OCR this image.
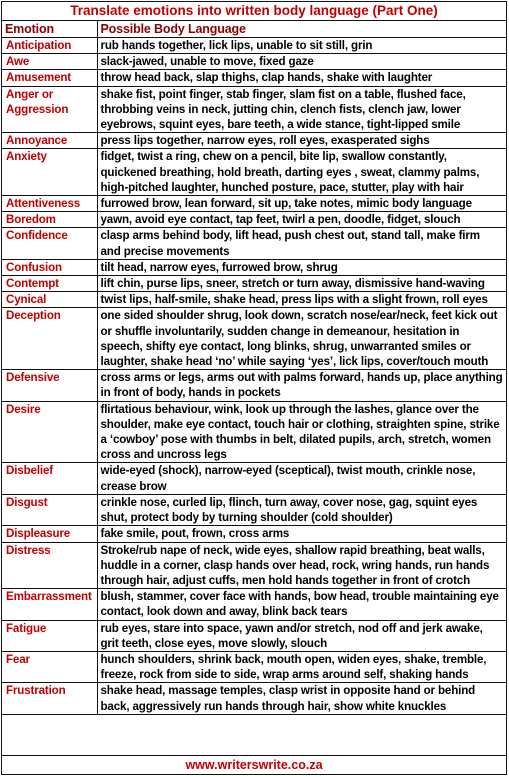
Translate emotions into written body language (Part One)
Emotion	Possible Body Language
Anticipation	rub hands together, lick lips, unable to sit still, grin
Awe	slack-jawed, unable to move, fixed gaze
Amusement	throw head back, slap thighs, clap hands, shake with laughter
Anger or Aggression	shake fist, point finger, stab finger, slam fist on a table, flushed face, throbbing veins in neck, jutting chin, clench fists, clench jaw, lower eyebrows, squint eyes, bare teeth, a wide stance, tight-lipped smile
Annoyance	press lips together, narrow eyes, roll eyes, exasperated sighs
Anxiety	fidget, twist a ring, chew on a pencil, bite lip, swallow constantly, quickened breathing, hold breath, darting eyes , sweat, clammy palms, high-pitched laughter, hunched posture, pace, stutter, play with hair
Attentiveness	furrowed brow, lean forward, sit up, take notes, mimic body language
Boredom	yawn, avoid eye contact, tap feet, twirl a pen, doodle, fidget, slouch
Confidence	clasp arms behind body, lift head, push chest out, stand tall, make firm and precise movements
Confusion	tilt head, narrow eyes, furrowed brow, shrug
Contempt	lift chin, purse lips, sneer, stretch or turn away, dismissive hand-waving
Cynical	twist lips, half-smile, shake head, press lips with a slight frown, roll eyes
Deception	one sided shoulder shrug, look down, scratch nose/ear/neck, feet kick out or shuffle involuntarily, sudden change in demeanour, hesitation in speech, shifty eye contact, long blinks, shrug, unwarranted smiles or laughter, shake head ‘no’ while saying ‘yes’, lick lips, cover/touch mouth
Defensive	cross arms or legs, arms out with palms forward, hands up, place anything in front of body, hands in pockets
Desire	flirtatious behaviour, wink, look up through the lashes, glance over the shoulder, make eye contact, touch hair or clothing, straighten spine, strike a ‘cowboy’ pose with thumbs in belt, dilated pupils, arch, stretch, women cross and uncross legs
Disbelief	wide-eyed (shock), narrow-eyed (sceptical), twist mouth, crinkle nose, crease brow
Disgust	crinkle nose, curled lip, flinch, turn away, cover nose, gag, squint eyes shut, protect body by turning shoulder (cold shoulder)
Displeasure	fake smile, pout, frown, cross arms
Distress	Stroke/rub nape of neck, wide eyes, shallow rapid breathing, beat walls, huddle in a corner, clasp hands over head, rock, wring hands, run hands through hair, adjust cuffs, men hold hands together in front of crotch
Embarrassment	blush, stammer, cover face with hands, bow head, trouble maintaining eye contact, look down and away, blink back tears
Fatigue	rub eyes, stare into space, yawn and/or stretch, nod off and jerk awake, grit teeth, close eyes, move slowly, slouch
Fear	hunch shoulders, shrink back, mouth open, widen eyes, shake, tremble, freeze, rock from side to side, wrap arms around self, shaking hands
Frustration	shake head, massage temples, clasp wrist in opposite hand or behind back, aggressively run hands through hair, show white knuckles
www.writerswrite.co.za
